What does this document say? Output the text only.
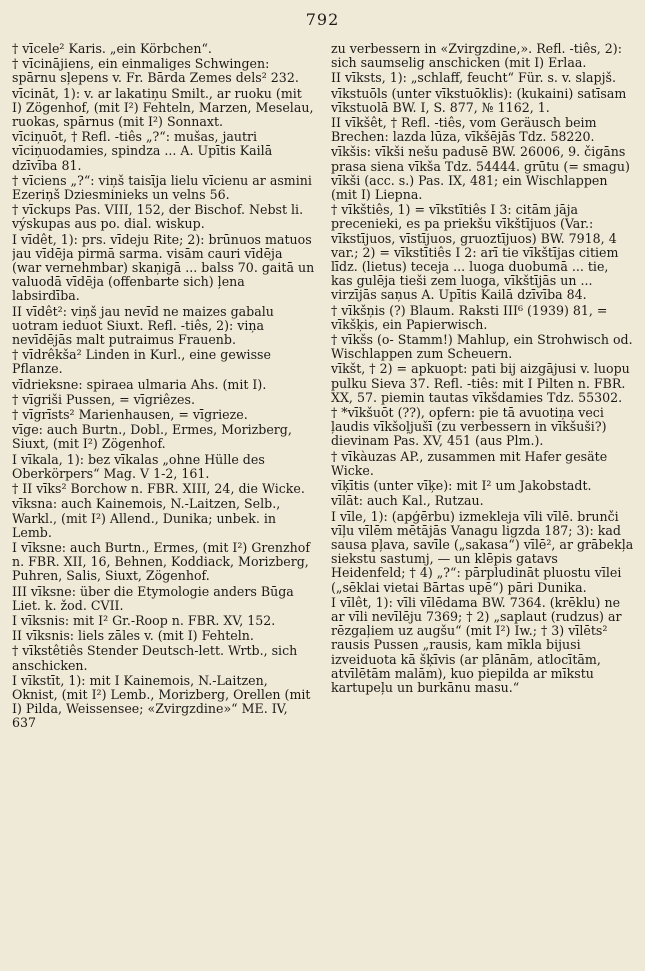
792

† vīcele² Karis. „ein Körbchen“.

† vīcinājiens, ein einmaliges Schwingen: spārnu sļepens v. Fr. Bārda Zemes dels² 232.

vīcināt, 1): v. ar lakatiņu Smilt., ar ruoku (mit I) Zögenhof, (mit I²) Fehteln, Marzen, Meselau, ruokas, spārnus (mit I²) Sonnaxt.

vīciņuōt, † Refl. -tiês „?“: mušas, jautri vīciņuodamies, spindza ... A. Upītis Kailā dzīvība 81.

† vīciens „?“: viņš taisīja lielu vīcienu ar asmini Ezeriņš Dziesminieks un velns 56.

† vīckups Pas. VIII, 152, der Bischof. Nebst li. výskupas aus po. dial. wiskup.

I vīdêt, 1): prs. vīdeju Rite; 2): brūnuos matuos jau vīdēja pirmā sarma. visām cauri vīdēja (war vernehmbar) skaņigā ... balss 70. gaitā un valuodā vīdēja (offenbarte sich) ļena labsirdība.

II vīdêt²: viņš jau nevīd ne maizes gabalu uotram ieduot Siuxt. Refl. -tiês, 2): viņa nevīdējās malt putraimus Frauenb.

† vīdrêkša² Linden in Kurl., eine gewisse Pflanze.

vīdrieksne: spiraea ulmaria Ahs. (mit I).

† vīgriši Pussen, = vīgriêzes.

† vīgrīsts² Marienhausen, = vīgrieze.

vīge: auch Burtn., Dobl., Ermes, Morizberg, Siuxt, (mit I²) Zögenhof.

I vīkala, 1): bez vīkalas „ohne Hülle des Oberkörpers“ Mag. V 1-2, 161.

† II vīks² Borchow n. FBR. XIII, 24, die Wicke.

vīksna: auch Kainemois, N.-Laitzen, Selb., Warkl., (mit I²) Allend., Dunika; unbek. in Lemb.

I vīksne: auch Burtn., Ermes, (mit I²) Grenzhof n. FBR. XII, 16, Behnen, Koddiack, Morizberg, Puhren, Salis, Siuxt, Zögenhof.

III vīksne: über die Etymologie anders Būga Liet. k. žod. CVII.

I vīksnis: mit I² Gr.-Roop n. FBR. XV, 152.

II vīksnis: liels zāles v. (mit I) Fehteln.

† vīkstêtiês Stender Deutsch-lett. Wrtb., sich anschicken.

I vīkstīt, 1): mit I Kainemois, N.-Laitzen, Oknist, (mit I²) Lemb., Morizberg, Orellen (mit I) Pilda, Weissensee; «Zvirgzdine»“ ME. IV, 637

zu verbessern in «Zvirgzdine,». Refl. -tiês, 2): sich saumselig anschicken (mit I) Erlaa.

II vīksts, 1): „schlaff, feucht“ Für. s. v. slapjš.

vīkstuōls (unter vīkstuōklis): (kukaini) satīsam vīkstuolā BW. I, S. 877, № 1162, 1.

II vīkšêt, † Refl. -tiês, vom Geräusch beim Brechen: lazda lūza, vīkšējās Tdz. 58220.

vīkšis: vīkši nešu padusē BW. 26006, 9. čigāns prasa siena vīkša Tdz. 54444. grūtu (= smagu) vīkši (acc. s.) Pas. IX, 481; ein Wischlappen (mit I) Liepna.

† vīkštiês, 1) = vīkstītiês I 3: citām jāja precenieki, es pa priekšu vīkštījuos (Var.: vīkstījuos, vīstījuos, gruoztījuos) BW. 7918, 4 var.; 2) = vīkstītiês I 2: arī tie vīkštījas citiem līdz. (lietus) teceja ... luoga duobumā ... tie, kas gulēja tieši zem luoga, vīkštījās un ... virzījās saņus A. Upītis Kailā dzīvība 84.

† vīkšņis (?) Blaum. Raksti III⁶ (1939) 81, = vīkšķis, ein Papierwisch.

† vīkšs (o- Stamm!) Mahlup, ein Strohwisch od. Wischlappen zum Scheuern.

vīkšt, † 2) = apkuopt: pati bij aizgājusi v. luopu pulku Sieva 37. Refl. -tiês: mit I Pilten n. FBR. XX, 57. piemin tautas vīkšdamies Tdz. 55302.

† *vīkšuōt (??), opfern: pie tā avuotiņa veci ļaudis vīkšoļjušī (zu verbessern in vīkšuši?) dievinam Pas. XV, 451 (aus Plm.).

† vīkàuzas AP., zusammen mit Hafer gesäte Wicke.

vīķītis (unter vīķe): mit I² um Jakobstadt.

vīlāt: auch Kal., Rutzau.

I vīle, 1): (apģērbu) izmekleja vīli vīlē. brunči vīļu vīlēm mētājās Vanagu ligzda 187; 3): kad sausa pļava, savīle („sakasa“) vīlē², ar grābekļa siekstu sastumj, — un klēpis gatavs Heidenfeld; † 4) „?“: pārpludināt pluostu vīlei („sēklai vietai Bārtas upē“) pāri Dunika.

I vīlêt, 1): vīli vīlēdama BW. 7364. (krēklu) ne ar vīli nevīlēju 7369; † 2) „saplaut (rudzus) ar rēzgaļiem uz augšu“ (mit I²) Iw.; † 3) vīlēts² rausis Pussen „rausis, kam mīkla bijusi izveiduota kā šķīvis (ar plānām, atlocītām, atvīlētām malām), kuo piepilda ar mīkstu kartupeļu un burkānu masu.“
